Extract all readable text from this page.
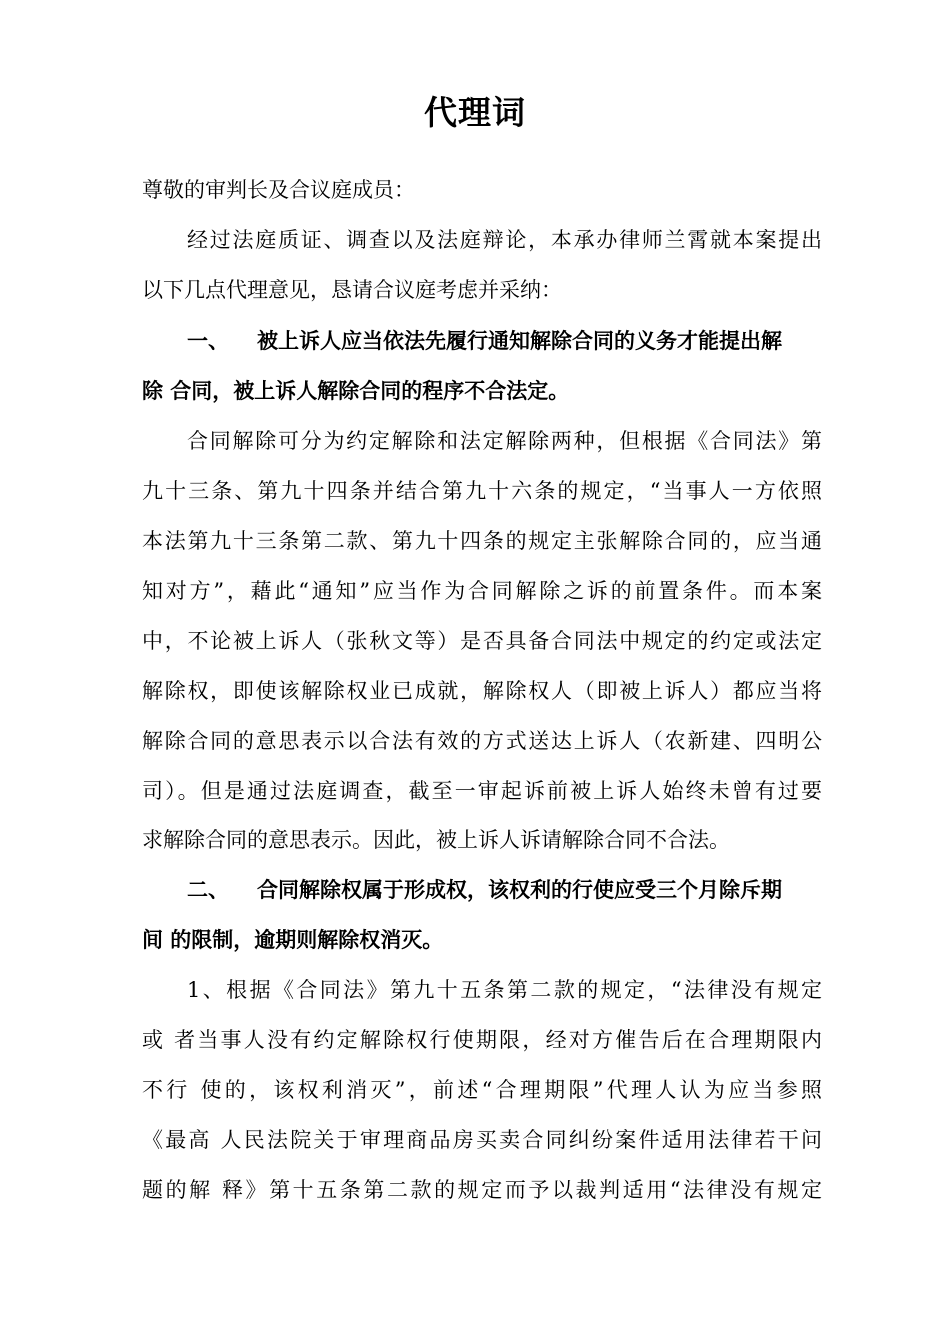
代理词
尊敬的审判长及合议庭成员：
经过法庭质证、调查以及法庭辩论，本承办律师兰霄就本案提出
以下几点代理意见，恳请合议庭考虑并采纳：
一、 被上诉人应当依法先履行通知解除合同的义务才能提出解
除 合同，被上诉人解除合同的程序不合法定。
合同解除可分为约定解除和法定解除两种，但根据《合同法》第
九十三条、第九十四条并结合第九十六条的规定，“当事人一方依照
本法第九十三条第二款、第九十四条的规定主张解除合同的，应当通
知对方”，藉此“通知”应当作为合同解除之诉的前置条件。而本案
中，不论被上诉人（张秋文等）是否具备合同法中规定的约定或法定
解除权，即使该解除权业已成就，解除权人（即被上诉人）都应当将
解除合同的意思表示以合法有效的方式送达上诉人（农新建、四明公
司）。但是通过法庭调查，截至一审起诉前被上诉人始终未曾有过要
求解除合同的意思表示。因此，被上诉人诉请解除合同不合法。
二、 合同解除权属于形成权，该权利的行使应受三个月除斥期
间 的限制，逾期则解除权消灭。
1、根据《合同法》第九十五条第二款的规定，“法律没有规定
或 者当事人没有约定解除权行使期限，经对方催告后在合理期限内
不行 使的，该权利消灭”，前述“合理期限”代理人认为应当参照
《最高 人民法院关于审理商品房买卖合同纠纷案件适用法律若干问
题的解 释》第十五条第二款的规定而予以裁判适用“法律没有规定
